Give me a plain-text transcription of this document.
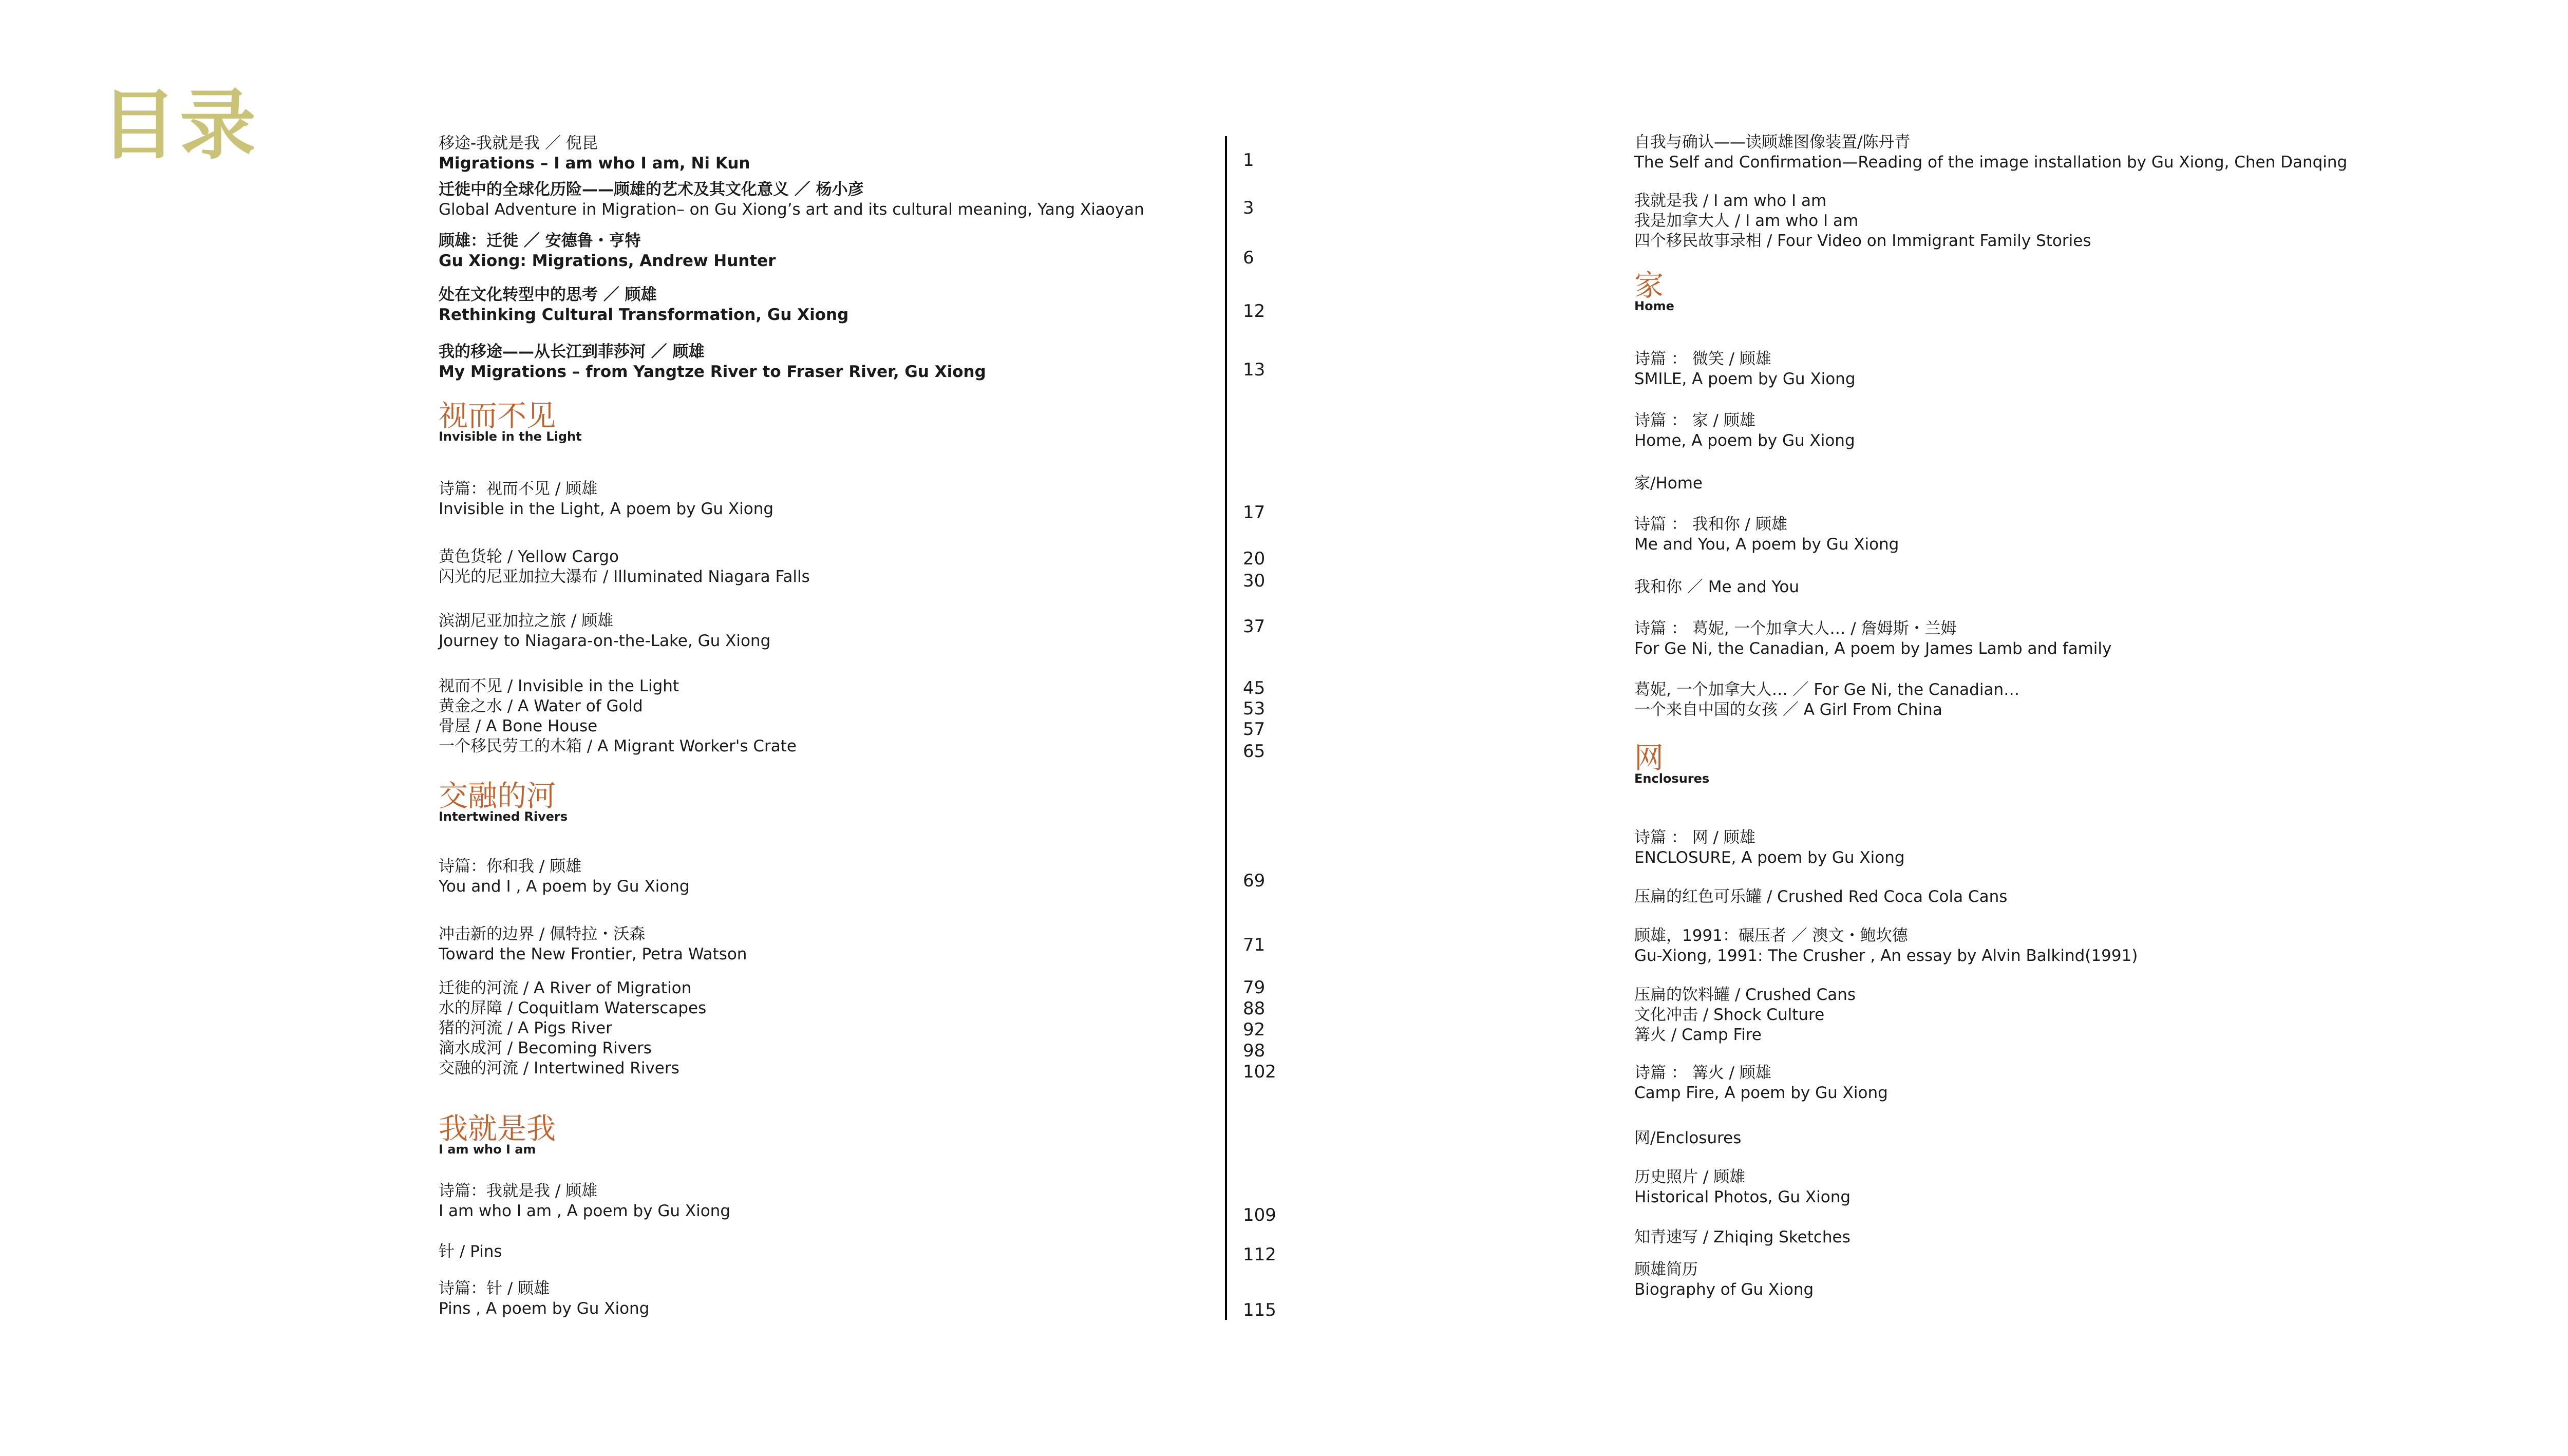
目录	移途-我就是我 ／ 倪昆
Migrations – I am who I am, Ni Kun
迁徙中的全球化历险——顾雄的艺术及其文化意义 ／ 杨小彦
Global Adventure in Migration– on Gu Xiong’s art and its cultural meaning, Yang Xiaoyan
顾雄：迁徙 ／ 安德鲁・亨特
Gu Xiong: Migrations, Andrew Hunter
处在文化转型中的思考 ／ 顾雄
Rethinking Cultural Transformation, Gu Xiong
我的移途——从长江到菲莎河 ／ 顾雄
My Migrations – from Yangtze River to Fraser River, Gu Xiong
诗篇：视而不见 / 顾雄
Invisible in the Light, A poem by Gu Xiong
黄色货轮 / Yellow Cargo
闪光的尼亚加拉大瀑布 / Illuminated Niagara Falls
滨湖尼亚加拉之旅 / 顾雄
Journey to Niagara-on-the-Lake, Gu Xiong
视而不见 / Invisible in the Light
黄金之水 / A Water of Gold
骨屋 / A Bone House
一个移民劳工的木箱 / A Migrant Worker's Crate
诗篇：你和我 / 顾雄
You and I , A poem by Gu Xiong
冲击新的边界 / 佩特拉・沃森
Toward the New Frontier, Petra Watson
迁徙的河流 / A River of Migration
水的屏障 / Coquitlam Waterscapes
猪的河流 / A Pigs River
滴水成河 / Becoming Rivers
交融的河流 / Intertwined Rivers
诗篇：我就是我 / 顾雄
I am who I am , A poem by Gu Xiong
针 / Pins
诗篇：针 / 顾雄
Pins , A poem by Gu Xiong
视而不见
Invisible in the Light
交融的河
Intertwined Rivers
我就是我
I am who I am
1
3
6
12
13
17
20
30
37
45
53
57
65
69
71
79
88
92
98
102
109
112
115
自我与确认——读顾雄图像装置/陈丹青
The Self and Confirmation—Reading of the image installation by Gu Xiong, Chen Danqing
我就是我 / I am who I am
我是加拿大人 / I am who I am
四个移民故事录相 / Four Video on Immigrant Family Stories
诗篇 ： 微笑 / 顾雄
SMILE, A poem by Gu Xiong
诗篇 ： 家 / 顾雄
Home, A poem by Gu Xiong
家/Home
诗篇 ： 我和你 / 顾雄
Me and You, A poem by Gu Xiong
我和你 ／ Me and You
诗篇 ： 葛妮, 一个加拿大人… / 詹姆斯・兰姆
For Ge Ni, the Canadian, A poem by James Lamb and family
葛妮, 一个加拿大人… ／ For Ge Ni, the Canadian…
一个来自中国的女孩 ／ A Girl From China
诗篇 ： 网 / 顾雄
ENCLOSURE, A poem by Gu Xiong
压扁的红色可乐罐 / Crushed Red Coca Cola Cans
顾雄，1991：碾压者 ／ 澳文・鲍坎德
Gu-Xiong, 1991: The Crusher , An essay by Alvin Balkind(1991)
压扁的饮料罐 / Crushed Cans
文化冲击 / Shock Culture
篝火 / Camp Fire
诗篇 ： 篝火 / 顾雄
Camp Fire, A poem by Gu Xiong
网/Enclosures
历史照片 / 顾雄
Historical Photos, Gu Xiong
知青速写 / Zhiqing Sketches
顾雄简历
Biography of Gu Xiong
家
Home
网
Enclosures
